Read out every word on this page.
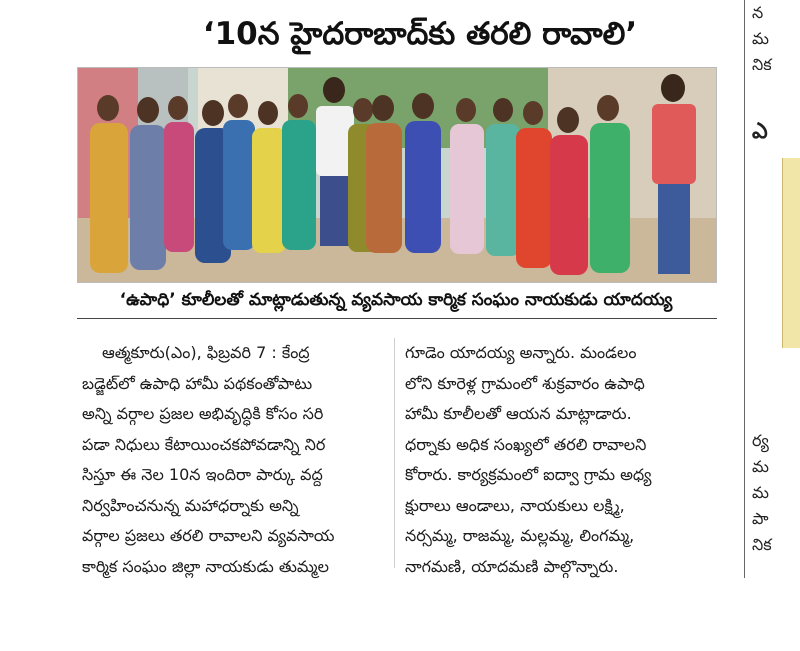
‘10న హైదరాబాద్‌కు తరలి రావాలి’
‘ఉపాధి’ కూలీలతో మాట్లాడుతున్న వ్యవసాయ కార్మిక సంఘం నాయకుడు యాదయ్య
ఆత్మకూరు(ఎం), ఫిబ్రవరి 7 : కేంద్ర
బడ్జెట్‌లో ఉపాధి హామీ పథకంతోపాటు
అన్ని వర్గాల ప్రజల అభివృద్ధికి కోసం సరి
పడా నిధులు కేటాయించకపోవడాన్ని నిర
సిస్తూ ఈ నెల 10న ఇందిరా పార్కు వద్ద
నిర్వహించనున్న మహాధర్నాకు అన్ని
వర్గాల ప్రజలు తరలి రావాలని వ్యవసాయ
కార్మిక సంఘం జిల్లా నాయకుడు తుమ్మల
గూడెం యాదయ్య అన్నారు. మండలం
లోని కూరెళ్ల గ్రామంలో శుక్రవారం ఉపాధి
హామీ కూలీలతో ఆయన మాట్లాడారు.
ధర్నాకు అధిక సంఖ్యలో తరలి రావాలని
కోరారు. కార్యక్రమంలో ఐద్వా గ్రామ అధ్య
క్షురాలు ఆండాలు, నాయకులు లక్ష్మి,
నర్సమ్మ, రాజమ్మ, మల్లమ్మ, లింగమ్మ,
నాగమణి, యాదమణి పాల్గొన్నారు.
న
మ
నిక
ఎ
ర్య
మ
మ
పా
నిక
